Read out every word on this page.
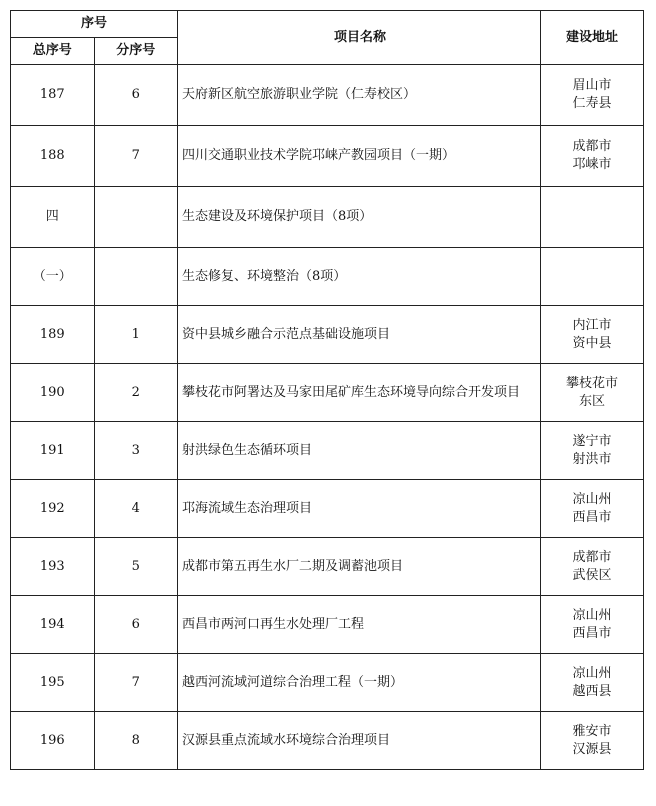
序号		项目名称	建设地址
总序号	分序号		
187	6	天府新区航空旅游职业学院（仁寿校区）	眉山市
仁寿县

188	7	四川交通职业技术学院邛崃产教园项目（一期）	成都市
邛崃市

四		生态建设及环境保护项目（8项）	

（一）		生态修复、环境整治（8项）	

189	1	资中县城乡融合示范点基础设施项目	内江市
资中县

190	2	攀枝花市阿署达及马家田尾矿库生态环境导向综合开发项目	攀枝花市
东区

191	3	射洪绿色生态循环项目	遂宁市
射洪市

192	4	邛海流域生态治理项目	凉山州
西昌市

193	5	成都市第五再生水厂二期及调蓄池项目	成都市
武侯区

194	6	西昌市两河口再生水处理厂工程	凉山州
西昌市

195	7	越西河流域河道综合治理工程（一期）	凉山州
越西县

196	8	汉源县重点流域水环境综合治理项目	雅安市
汉源县
